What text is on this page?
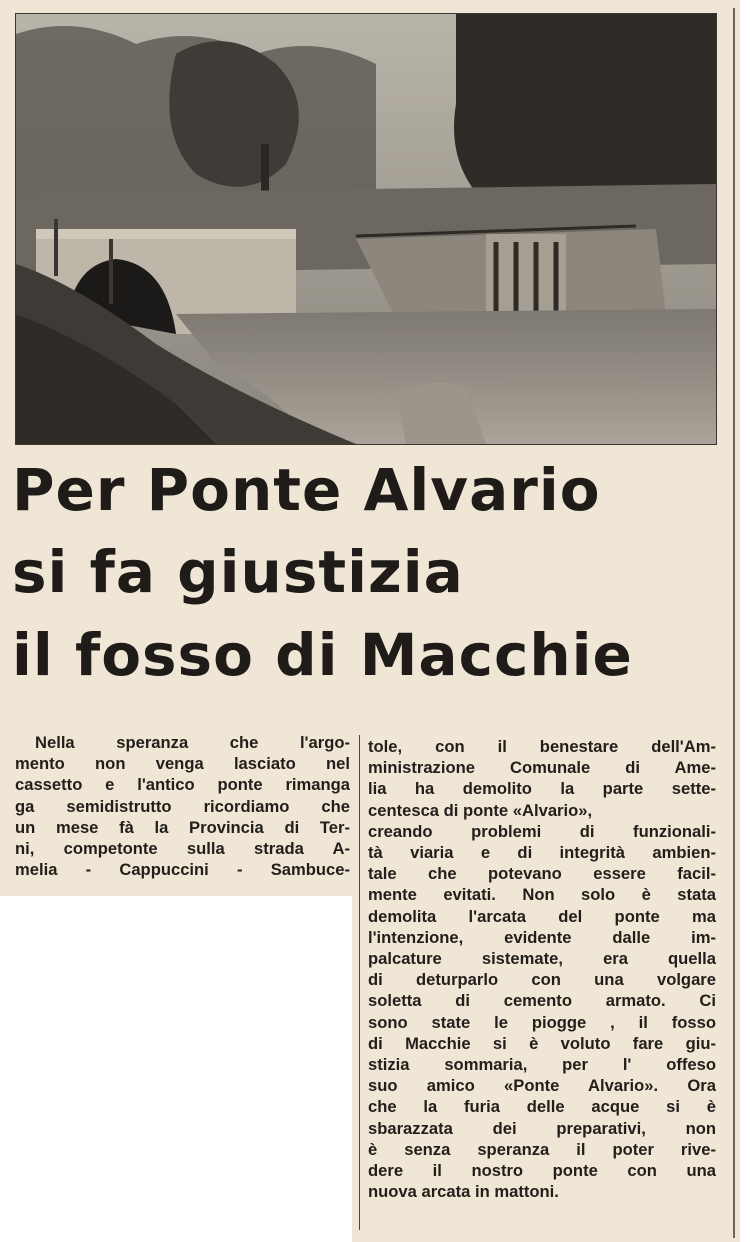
Per Ponte Alvario
si fa giustizia
il fosso di Macchie
Nella speranza che l'argo-
mento non venga lasciato nel
cassetto e l'antico ponte rimanga
ga semidistrutto ricordiamo che
un mese fà la Provincia di Ter-
ni, competonte sulla strada A-
melia - Cappuccini - Sambuce-
tole, con il benestare dell'Am-
ministrazione Comunale di Ame-
lia ha demolito la parte sette-
centesca di ponte «Alvario»,
creando problemi di funzionali-
tà viaria e di integrità ambien-
tale che potevano essere facil-
mente evitati. Non solo è stata
demolita l'arcata del ponte ma
l'intenzione, evidente dalle im-
palcature sistemate, era quella
di deturparlo con una volgare
soletta di cemento armato. Ci
sono state le piogge , il fosso
di Macchie si è voluto fare giu-
stizia sommaria, per l' offeso
suo amico «Ponte Alvario». Ora
che la furia delle acque si è
sbarazzata dei preparativi, non
è senza speranza il poter rive-
dere il nostro ponte con una
nuova arcata in mattoni.
